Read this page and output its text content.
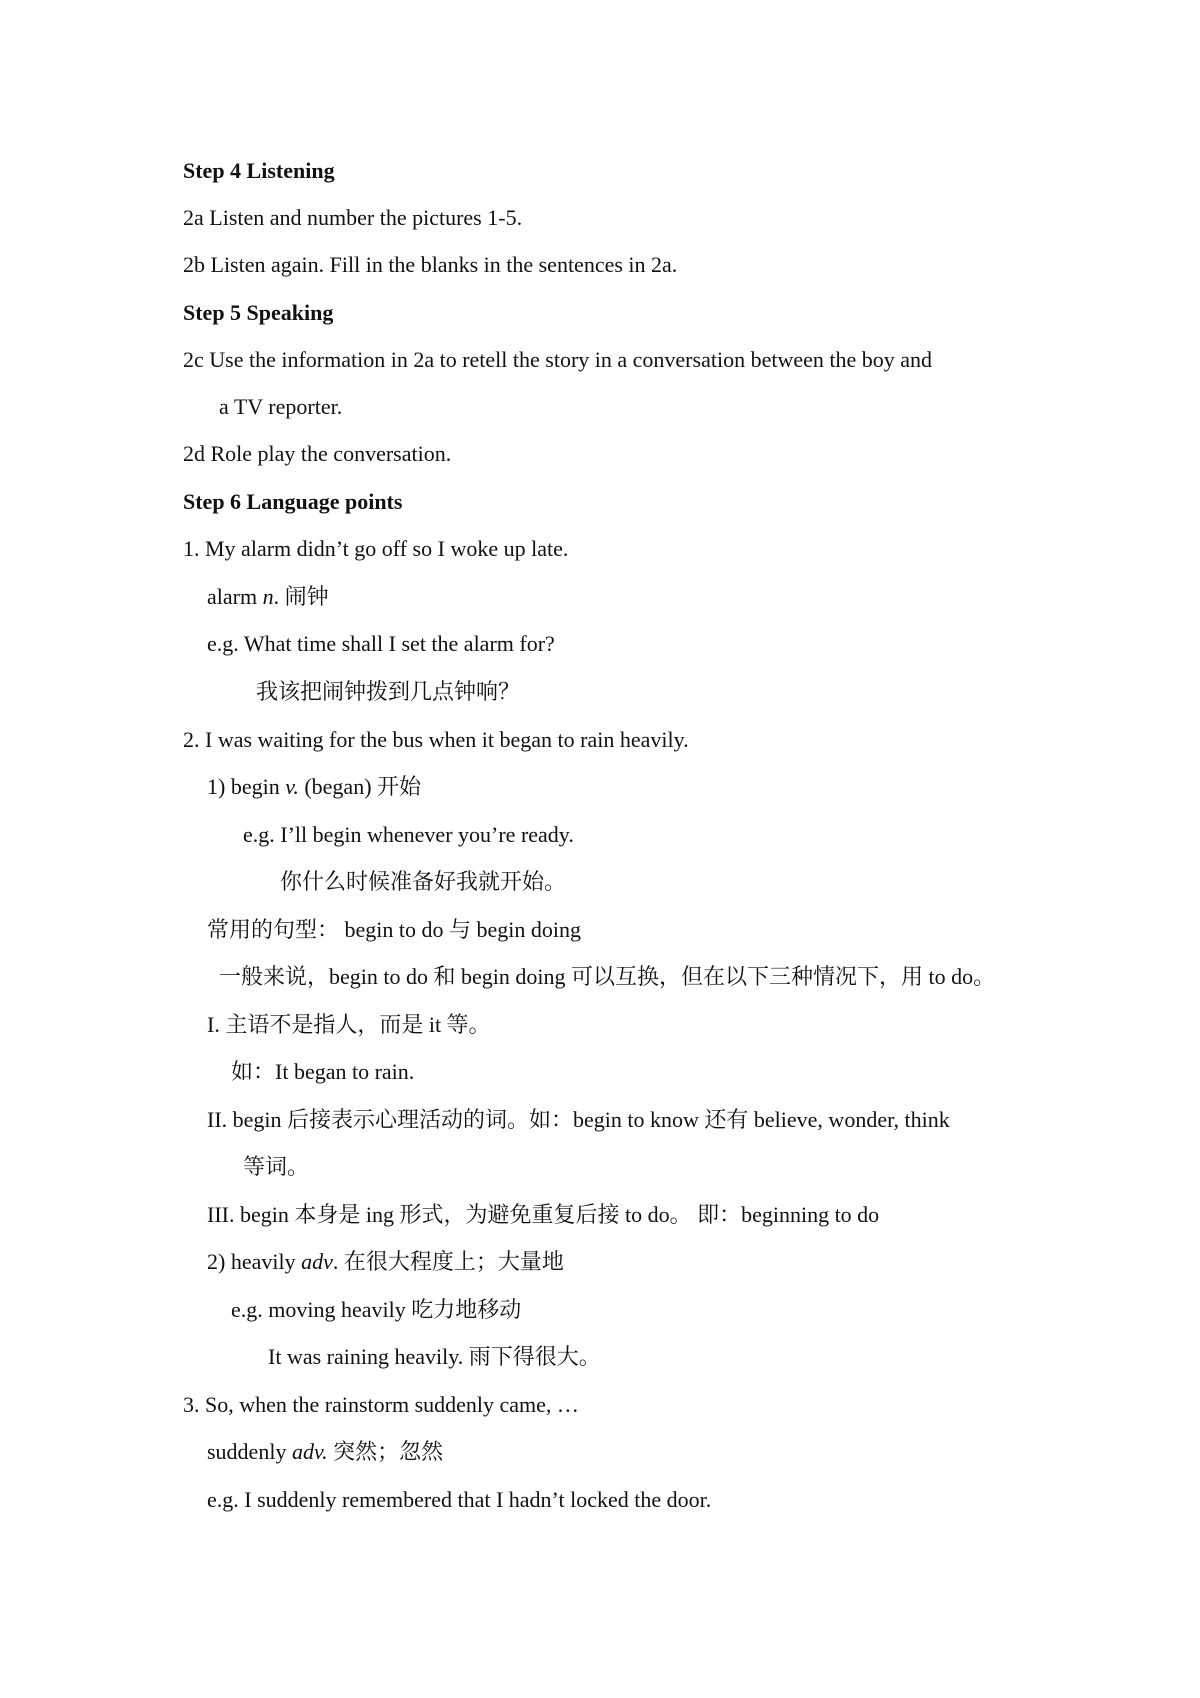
Step 4 Listening
2a Listen and number the pictures 1-5.
2b Listen again. Fill in the blanks in the sentences in 2a.
Step 5 Speaking
2c Use the information in 2a to retell the story in a conversation between the boy and
a TV reporter.
2d Role play the conversation.
Step 6 Language points
1. My alarm didn’t go off so I woke up late.
alarm n. 闹钟
e.g. What time shall I set the alarm for?
我该把闹钟拨到几点钟响？
2. I was waiting for the bus when it began to rain heavily.
1) begin v. (began) 开始
e.g. I’ll begin whenever you’re ready.
你什么时候准备好我就开始。
常用的句型： begin to do 与 begin doing
一般来说，begin to do 和 begin doing 可以互换，但在以下三种情况下，用 to do。
I. 主语不是指人，而是 it 等。
如：It began to rain.
II. begin 后接表示心理活动的词。如：begin to know 还有 believe, wonder, think
等词。
III. begin 本身是 ing 形式，为避免重复后接 to do。 即：beginning to do
2) heavily adv. 在很大程度上；大量地
e.g. moving heavily 吃力地移动
It was raining heavily. 雨下得很大。
3. So, when the rainstorm suddenly came, …
suddenly adv. 突然；忽然
e.g. I suddenly remembered that I hadn’t locked the door.
